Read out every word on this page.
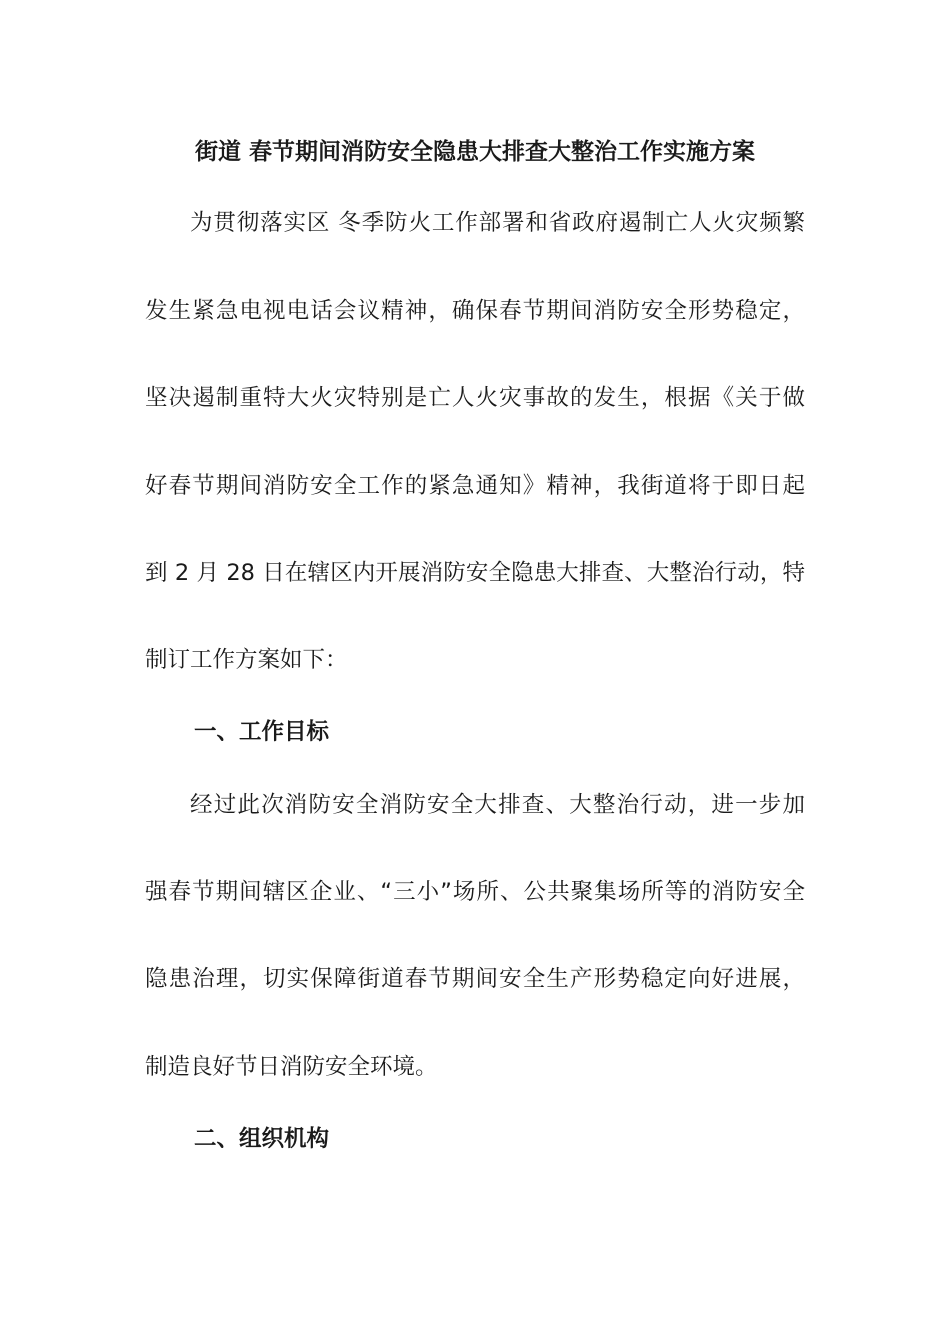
街道 春节期间消防安全隐患大排查大整治工作实施方案
为贯彻落实区 冬季防火工作部署和省政府遏制亡人火灾频繁
发生紧急电视电话会议精神，确保春节期间消防安全形势稳定，
坚决遏制重特大火灾特别是亡人火灾事故的发生，根据《关于做
好春节期间消防安全工作的紧急通知》精神，我街道将于即日起
到 2 月 28 日在辖区内开展消防安全隐患大排查、大整治行动，特
制订工作方案如下：
一、工作目标
经过此次消防安全消防安全大排查、大整治行动，进一步加
强春节期间辖区企业、“三小”场所、公共聚集场所等的消防安全
隐患治理，切实保障街道春节期间安全生产形势稳定向好进展，
制造良好节日消防安全环境。
二、组织机构
